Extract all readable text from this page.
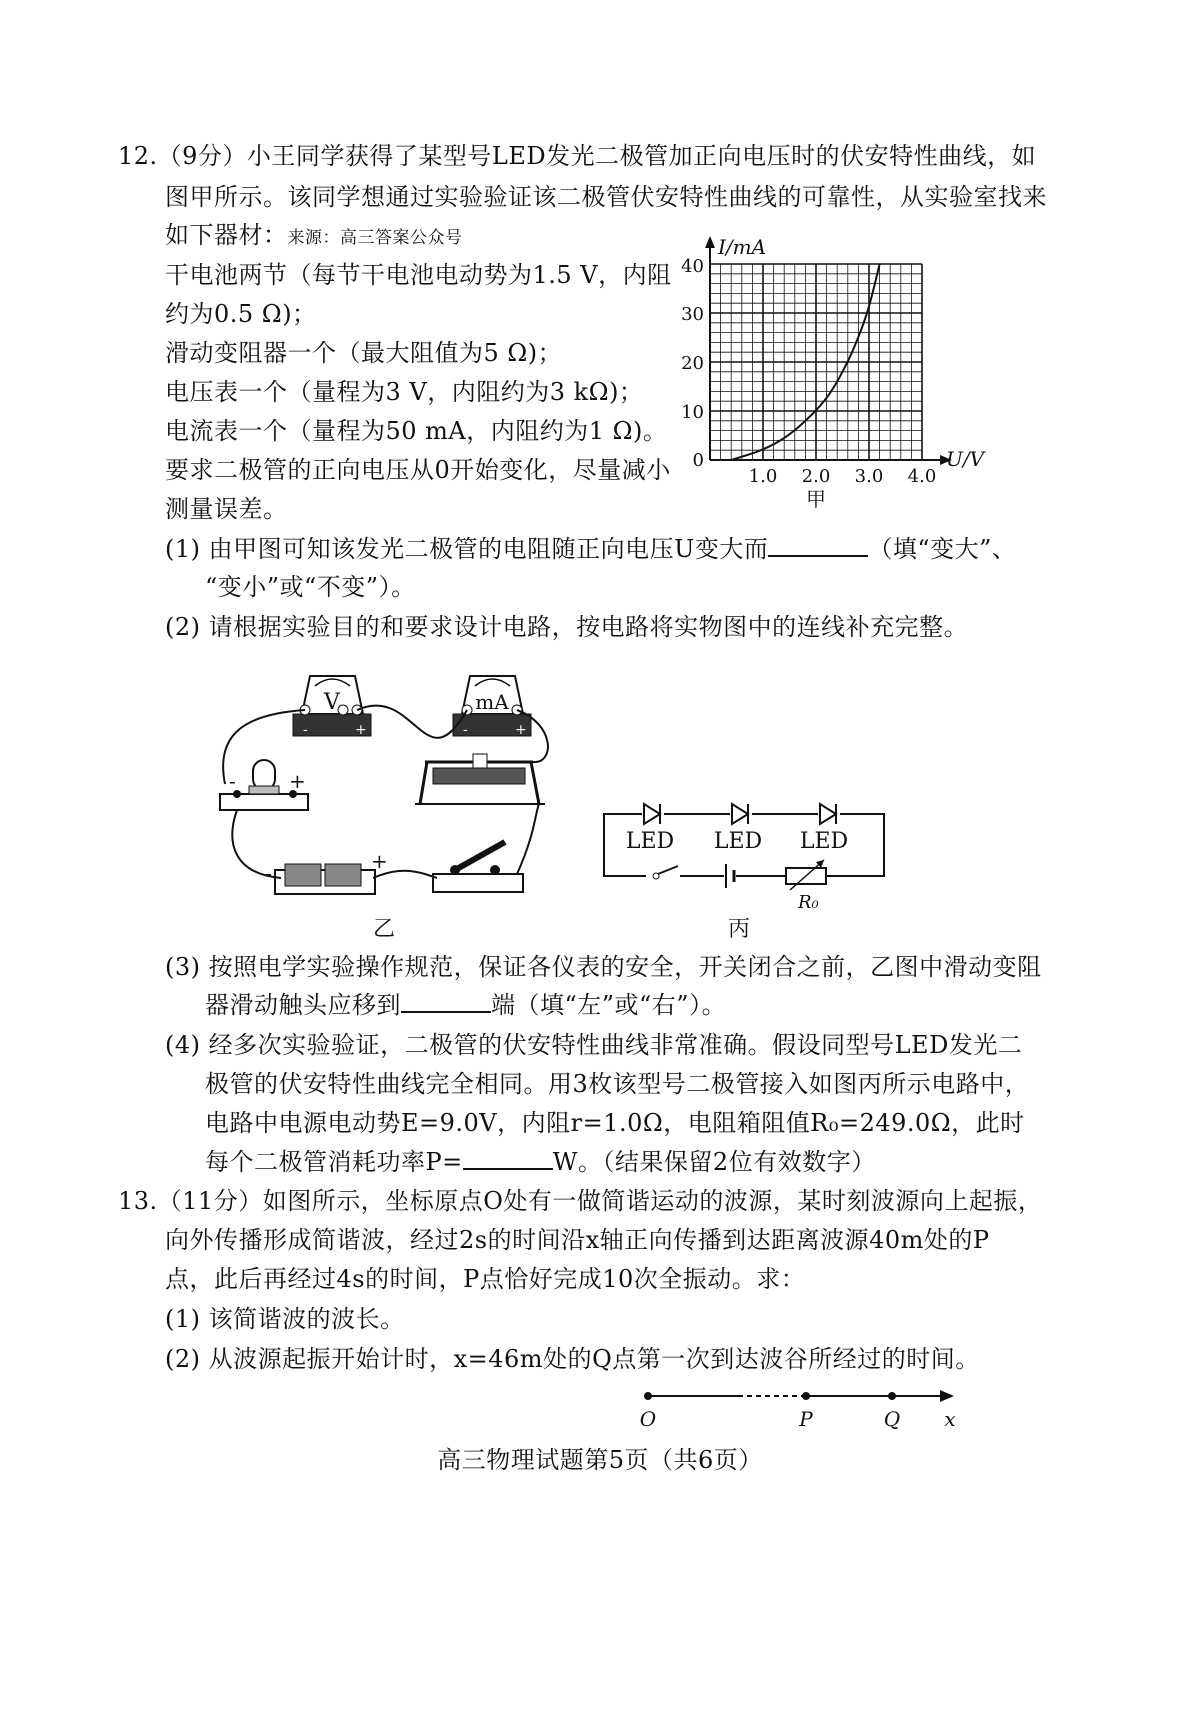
12.（9分）小王同学获得了某型号LED发光二极管加正向电压时的伏安特性曲线，如
图甲所示。该同学想通过实验验证该二极管伏安特性曲线的可靠性，从实验室找来
如下器材：来源：高三答案公众号
干电池两节（每节干电池电动势为1.5 V，内阻
约为0.5 Ω)；
滑动变阻器一个（最大阻值为5 Ω)；
电压表一个（量程为3 V，内阻约为3 kΩ)；
电流表一个（量程为50 mA，内阻约为1 Ω)。
要求二极管的正向电压从0开始变化，尽量减小
测量误差。
I/mA
U/V
0
10
20
30
40
1.0 2.0 3.0 4.0
甲
(1) 由甲图可知该发光二极管的电阻随正向电压U变大而	（填“变大”、
“变小”或“不变”）。
(2) 请根据实验目的和要求设计电路，按电路将实物图中的连线补充完整。
V
-	+
mA
-	+
-	+
-	+
乙
LED LED LED
R₀
丙
(3) 按照电学实验操作规范，保证各仪表的安全，开关闭合之前，乙图中滑动变阻
器滑动触头应移到	端（填“左”或“右”）。
(4) 经多次实验验证，二极管的伏安特性曲线非常准确。假设同型号LED发光二
极管的伏安特性曲线完全相同。用3枚该型号二极管接入如图丙所示电路中，
电路中电源电动势E=9.0V，内阻r=1.0Ω，电阻箱阻值R₀=249.0Ω，此时
每个二极管消耗功率P=	W。（结果保留2位有效数字）
13.（11分）如图所示，坐标原点O处有一做简谐运动的波源，某时刻波源向上起振，
向外传播形成简谐波，经过2s的时间沿x轴正向传播到达距离波源40m处的P
点，此后再经过4s的时间，P点恰好完成10次全振动。求：
(1) 该简谐波的波长。
(2) 从波源起振开始计时，x=46m处的Q点第一次到达波谷所经过的时间。
O	P	Q x
高三物理试题第5页（共6页）
